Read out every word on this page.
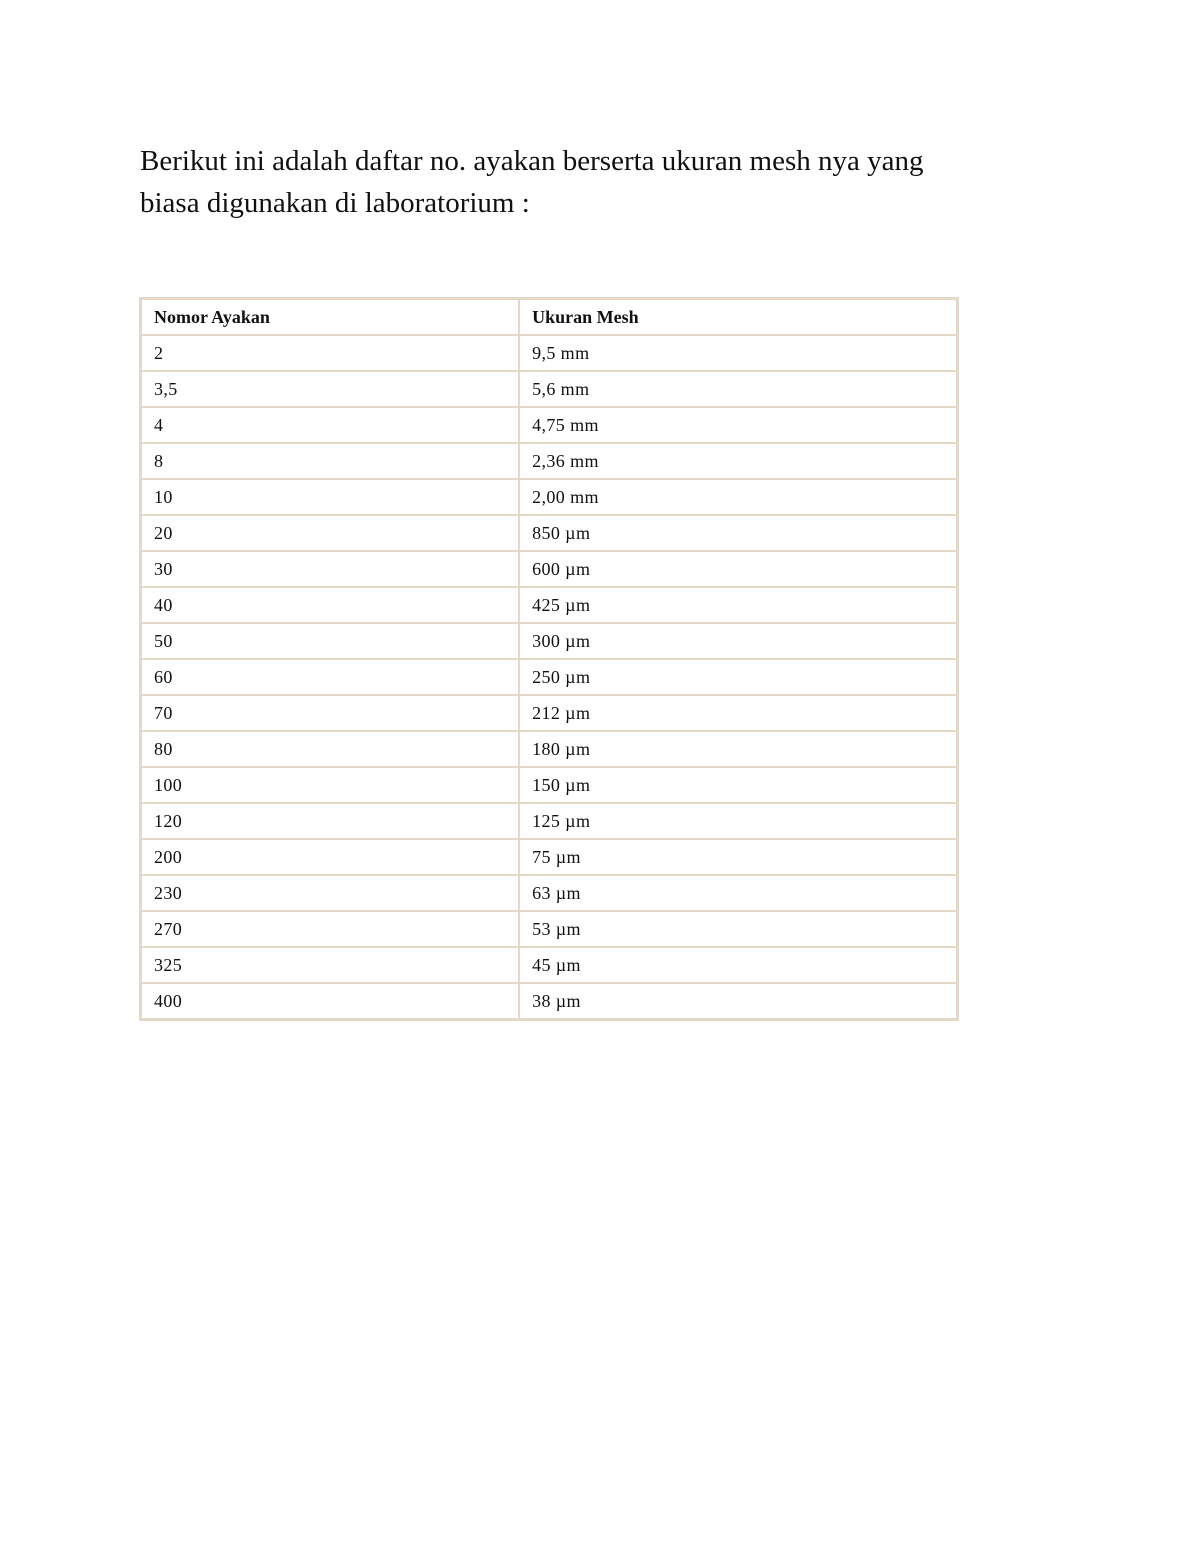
Berikut ini adalah daftar no. ayakan berserta ukuran mesh nya yang
biasa digunakan di laboratorium :

Nomor Ayakan	Ukuran Mesh
2	9,5 mm
3,5	5,6 mm
4	4,75 mm
8	2,36 mm
10	2,00 mm
20	850 µm
30	600 µm
40	425 µm
50	300 µm
60	250 µm
70	212 µm
80	180 µm
100	150 µm
120	125 µm
200	75 µm
230	63 µm
270	53 µm
325	45 µm
400	38 µm
